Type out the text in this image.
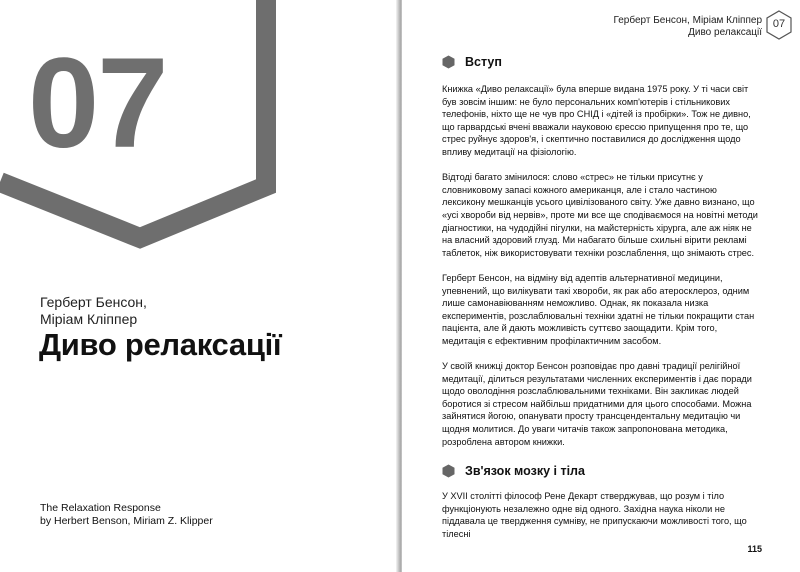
07
Герберт Бенсон,
Міріам Кліппер
Диво релаксації
The Relaxation Response
by Herbert Benson, Miriam Z. Klipper
Герберт Бенсон, Міріам Кліппер
Диво релаксації
07
Вступ

Книжка «Диво релаксації» була вперше видана 1975 року. У ті часи світ був зовсім іншим: не було персональних комп'ютерів і стільникових телефонів, ніхто ще не чув про СНІД і «дітей із пробірки». Тож не дивно, що гарвардські вчені вважали науковою єрессю припущення про те, що стрес руйнує здоров'я, і скептично поставилися до дослідження щодо впливу медитації на фізіологію.

Відтоді багато змінилося: слово «стрес» не тільки присутнє у словниковому запасі кожного американця, але і стало частиною лексикону мешканців усього цивілізованого світу. Уже давно визнано, що «усі хвороби від нервів», проте ми все ще сподіваємося на новітні методи діагностики, на чудодійні пігулки, на майстерність хірурга, але аж ніяк не на власний здоровий глузд. Ми набагато більше схильні вірити рекламі таблеток, ніж використовувати техніки розслаблення, що знімають стрес.

Герберт Бенсон, на відміну від адептів альтернативної медицини, упевнений, що вилікувати такі хвороби, як рак або атеросклероз, одним лише самонавіюванням неможливо. Однак, як показала низка експериментів, розслаблювальні техніки здатні не тільки покращити стан пацієнта, але й дають можливість суттєво заощадити. Крім того, медитація є ефективним профілактичним засобом.

У своїй книжці доктор Бенсон розповідає про давні традиції релігійної медитації, ділиться результатами численних експериментів і дає поради щодо оволодіння розслаблювальними техніками. Він закликає людей боротися зі стресом найбільш придатними для цього способами. Можна зайнятися йогою, опанувати просту трансцендентальну медитацію чи щодня молитися. До уваги читачів також запропонована методика, розроблена автором книжки.

Зв'язок мозку і тіла

У XVII столітті філософ Рене Декарт стверджував, що розум і тіло функціонують незалежно одне від одного. Західна наука ніколи не піддавала це твердження сумніву, не припускаючи можливості того, що тілесні

115
